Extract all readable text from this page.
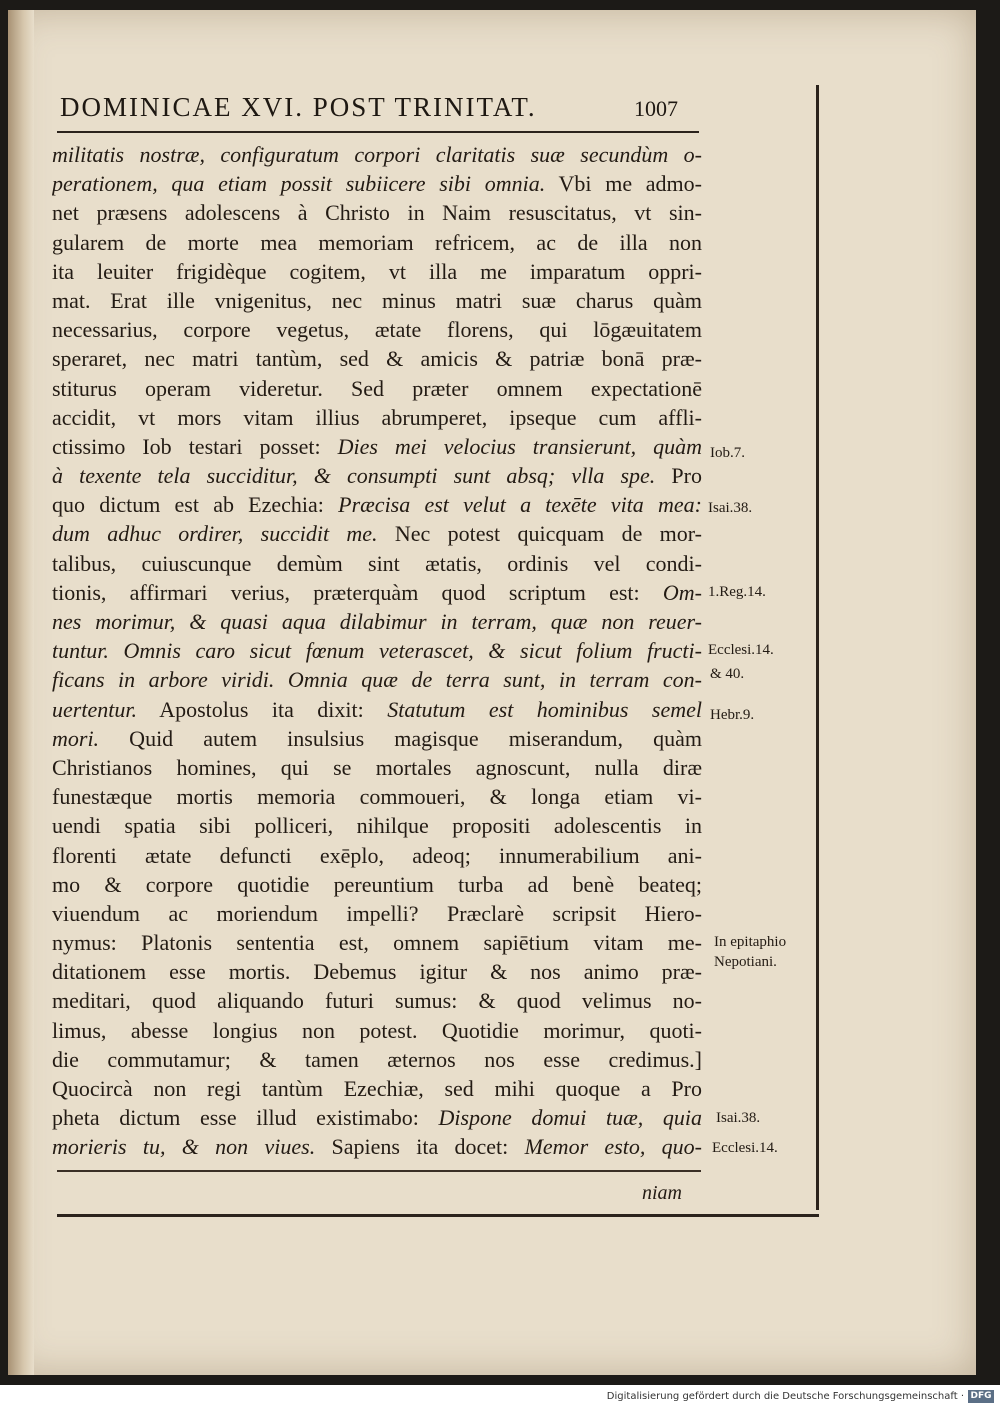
DOMINICAE XVI. POST TRINITAT.	1007
militatis nostræ, configuratum corpori claritatis suæ secundùm o-
perationem, qua etiam possit subiicere sibi omnia. Vbi me admo-
net præsens adolescens à Christo in Naim resuscitatus, vt sin-
gularem de morte mea memoriam refricem, ac de illa non
ita leuiter frigidèque cogitem, vt illa me imparatum oppri-
mat. Erat ille vnigenitus, nec minus matri suæ charus quàm
necessarius, corpore vegetus, ætate florens, qui lōgæuitatem
speraret, nec matri tantùm, sed & amicis & patriæ bonā præ-
stiturus operam videretur. Sed præter omnem expectationē
accidit, vt mors vitam illius abrumperet, ipseque cum affli-
ctissimo Iob testari posset: Dies mei velocius transierunt, quàm
à texente tela succiditur, & consumpti sunt absq; vlla spe. Pro
quo dictum est ab Ezechia: Præcisa est velut a texēte vita mea:
dum adhuc ordirer, succidit me. Nec potest quicquam de mor-
talibus, cuiuscunque demùm sint ætatis, ordinis vel condi-
tionis, affirmari verius, præterquàm quod scriptum est: Om-
nes morimur, & quasi aqua dilabimur in terram, quæ non reuer-
tuntur. Omnis caro sicut fœnum veterascet, & sicut folium fructi-
ficans in arbore viridi. Omnia quæ de terra sunt, in terram con-
uertentur. Apostolus ita dixit: Statutum est hominibus semel
mori. Quid autem insulsius magisque miserandum, quàm
Christianos homines, qui se mortales agnoscunt, nulla diræ
funestæque mortis memoria commoueri, & longa etiam vi-
uendi spatia sibi polliceri, nihilque propositi adolescentis in
florenti ætate defuncti exēplo, adeoq; innumerabilium ani-
mo & corpore quotidie pereuntium turba ad benè beateq;
viuendum ac moriendum impelli? Præclarè scripsit Hiero-
nymus: Platonis sententia est, omnem sapiētium vitam me-
ditationem esse mortis. Debemus igitur & nos animo præ-
meditari, quod aliquando futuri sumus: & quod velimus no-
limus, abesse longius non potest. Quotidie morimur, quoti-
die commutamur; & tamen æternos nos esse credimus.]
Quocircà non regi tantùm Ezechiæ, sed mihi quoque a Pro
pheta dictum esse illud existimabo: Dispone domui tuæ, quia
morieris tu, & non viues. Sapiens ita docet: Memor esto, quo-
Iob.7.
Isai.38.
1.Reg.14.
Ecclesi.14.
& 40.
Hebr.9.
In epitaphio
Nepotiani.
Isai.38.
Ecclesi.14.
niam
Digitalisierung gefördert durch die Deutsche Forschungsgemeinschaft · DFG
